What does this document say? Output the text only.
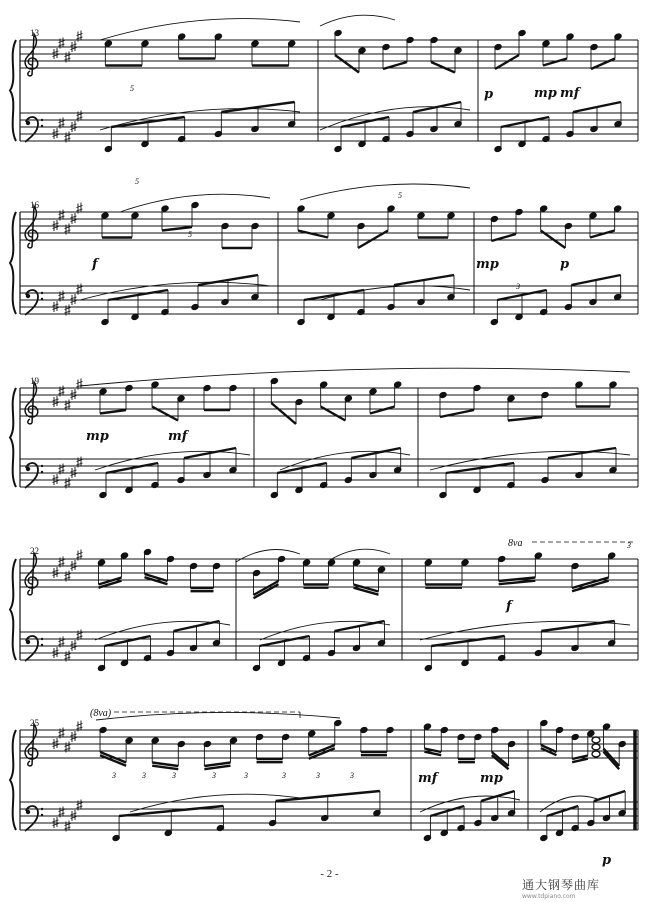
p	mp mf
5
5
f	mp	p
5
5
3
mp	mf
f
3
8va
mf	mp
p
3	3	3	3	3	3	3	3
(8va)
13
16
19
22
25
- 2 -
通大钢琴曲库
www.tdpiano.com
